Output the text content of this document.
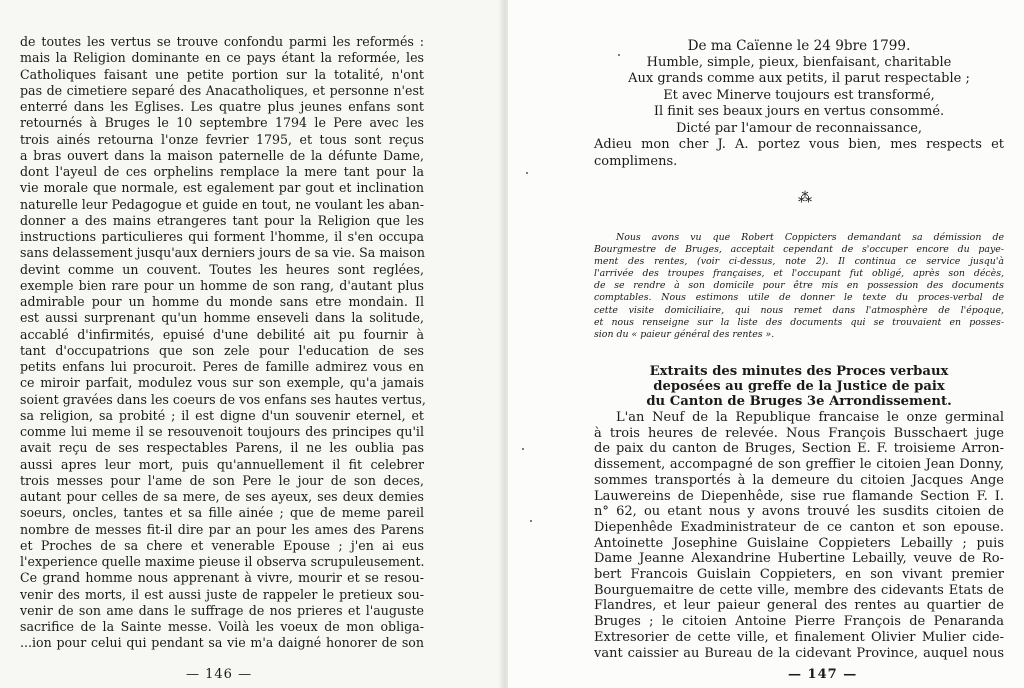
de toutes les vertus se trouve confondu parmi les reformés :

mais la Religion dominante en ce pays étant la reformée, les

Catholiques faisant une petite portion sur la totalité, n'ont

pas de cimetiere separé des Anacatholiques, et personne n'est

enterré dans les Eglises. Les quatre plus jeunes enfans sont

retournés à Bruges le 10 septembre 1794 le Pere avec les

trois ainés retourna l'onze fevrier 1795, et tous sont reçus

a bras ouvert dans la maison paternelle de la défunte Dame,

dont l'ayeul de ces orphelins remplace la mere tant pour la

vie morale que normale, est egalement par gout et inclination

naturelle leur Pedagogue et guide en tout, ne voulant les aban-

donner a des mains etrangeres tant pour la Religion que les

instructions particulieres qui forment l'homme, il s'en occupa

sans delassement jusqu'aux derniers jours de sa vie. Sa maison

devint comme un couvent. Toutes les heures sont reglées,

exemple bien rare pour un homme de son rang, d'autant plus

admirable pour un homme du monde sans etre mondain. Il

est aussi surprenant qu'un homme enseveli dans la solitude,

accablé d'infirmités, epuisé d'une debilité ait pu fournir à

tant d'occupatrions que son zele pour l'education de ses

petits enfans lui procuroit. Peres de famille admirez vous en

ce miroir parfait, modulez vous sur son exemple, qu'a jamais

soient gravées dans les coeurs de vos enfans ses hautes vertus,

sa religion, sa probité ; il est digne d'un souvenir eternel, et

comme lui meme il se resouvenoit toujours des principes qu'il

avait reçu de ses respectables Parens, il ne les oublia pas

aussi apres leur mort, puis qu'annuellement il fit celebrer

trois messes pour l'ame de son Pere le jour de son deces,

autant pour celles de sa mere, de ses ayeux, ses deux demies

soeurs, oncles, tantes et sa fille ainée ; que de meme pareil

nombre de messes fit-il dire par an pour les ames des Parens

et Proches de sa chere et venerable Epouse ; j'en ai eus

l'experience quelle maxime pieuse il observa scrupuleusement.

Ce grand homme nous apprenant à vivre, mourir et se resou-

venir des morts, il est aussi juste de rappeler le pretieux sou-

venir de son ame dans le suffrage de nos prieres et l'auguste

sacrifice de la Sainte messe. Voilà les voeux de mon obliga-

...ion pour celui qui pendant sa vie m'a daigné honorer de son

— 146 —

De ma Caïenne le 24 9bre 1799.

Humble, simple, pieux, bienfaisant, charitable

Aux grands comme aux petits, il parut respectable ;

Et avec Minerve toujours est transformé,

Il finit ses beaux jours en vertus consommé.

Dicté par l'amour de reconnaissance,

Adieu mon cher J. A. portez vous bien, mes respects et

complimens.

⁂

Nous avons vu que Robert Coppicters demandant sa démission de

Bourgmestre de Bruges, acceptait cependant de s'occuper encore du paye-

ment des rentes, (voir ci-dessus, note 2). Il continua ce service jusqu'à

l'arrivée des troupes françaises, et l'occupant fut obligé, après son décès,

de se rendre à son domicile pour être mis en possession des documents

comptables. Nous estimons utile de donner le texte du proces-verbal de

cette visite domiciliaire, qui nous remet dans l'atmosphère de l'époque,

et nous renseigne sur la liste des documents qui se trouvaient en posses-

sion du « paieur général des rentes ».

Extraits des minutes des Proces verbaux

deposées au greffe de la Justice de paix

du Canton de Bruges 3e Arrondissement.

L'an Neuf de la Republique francaise le onze germinal

à trois heures de relevée. Nous François Busschaert juge

de paix du canton de Bruges, Section E. F. troisieme Arron-

dissement, accompagné de son greffier le citoien Jean Donny,

sommes transportés à la demeure du citoien Jacques Ange

Lauwereins de Diepenhêde, sise rue flamande Section F. I.

n° 62, ou etant nous y avons trouvé les susdits citoien de

Diepenhêde Exadministrateur de ce canton et son epouse.

Antoinette Josephine Guislaine Coppieters Lebailly ; puis

Dame Jeanne Alexandrine Hubertine Lebailly, veuve de Ro-

bert Francois Guislain Coppieters, en son vivant premier

Bourguemaitre de cette ville, membre des cidevants Etats de

Flandres, et leur paieur general des rentes au quartier de

Bruges ; le citoien Antoine Pierre François de Penaranda

Extresorier de cette ville, et finalement Olivier Mulier cide-

vant caissier au Bureau de la cidevant Province, auquel nous

— 147 —
